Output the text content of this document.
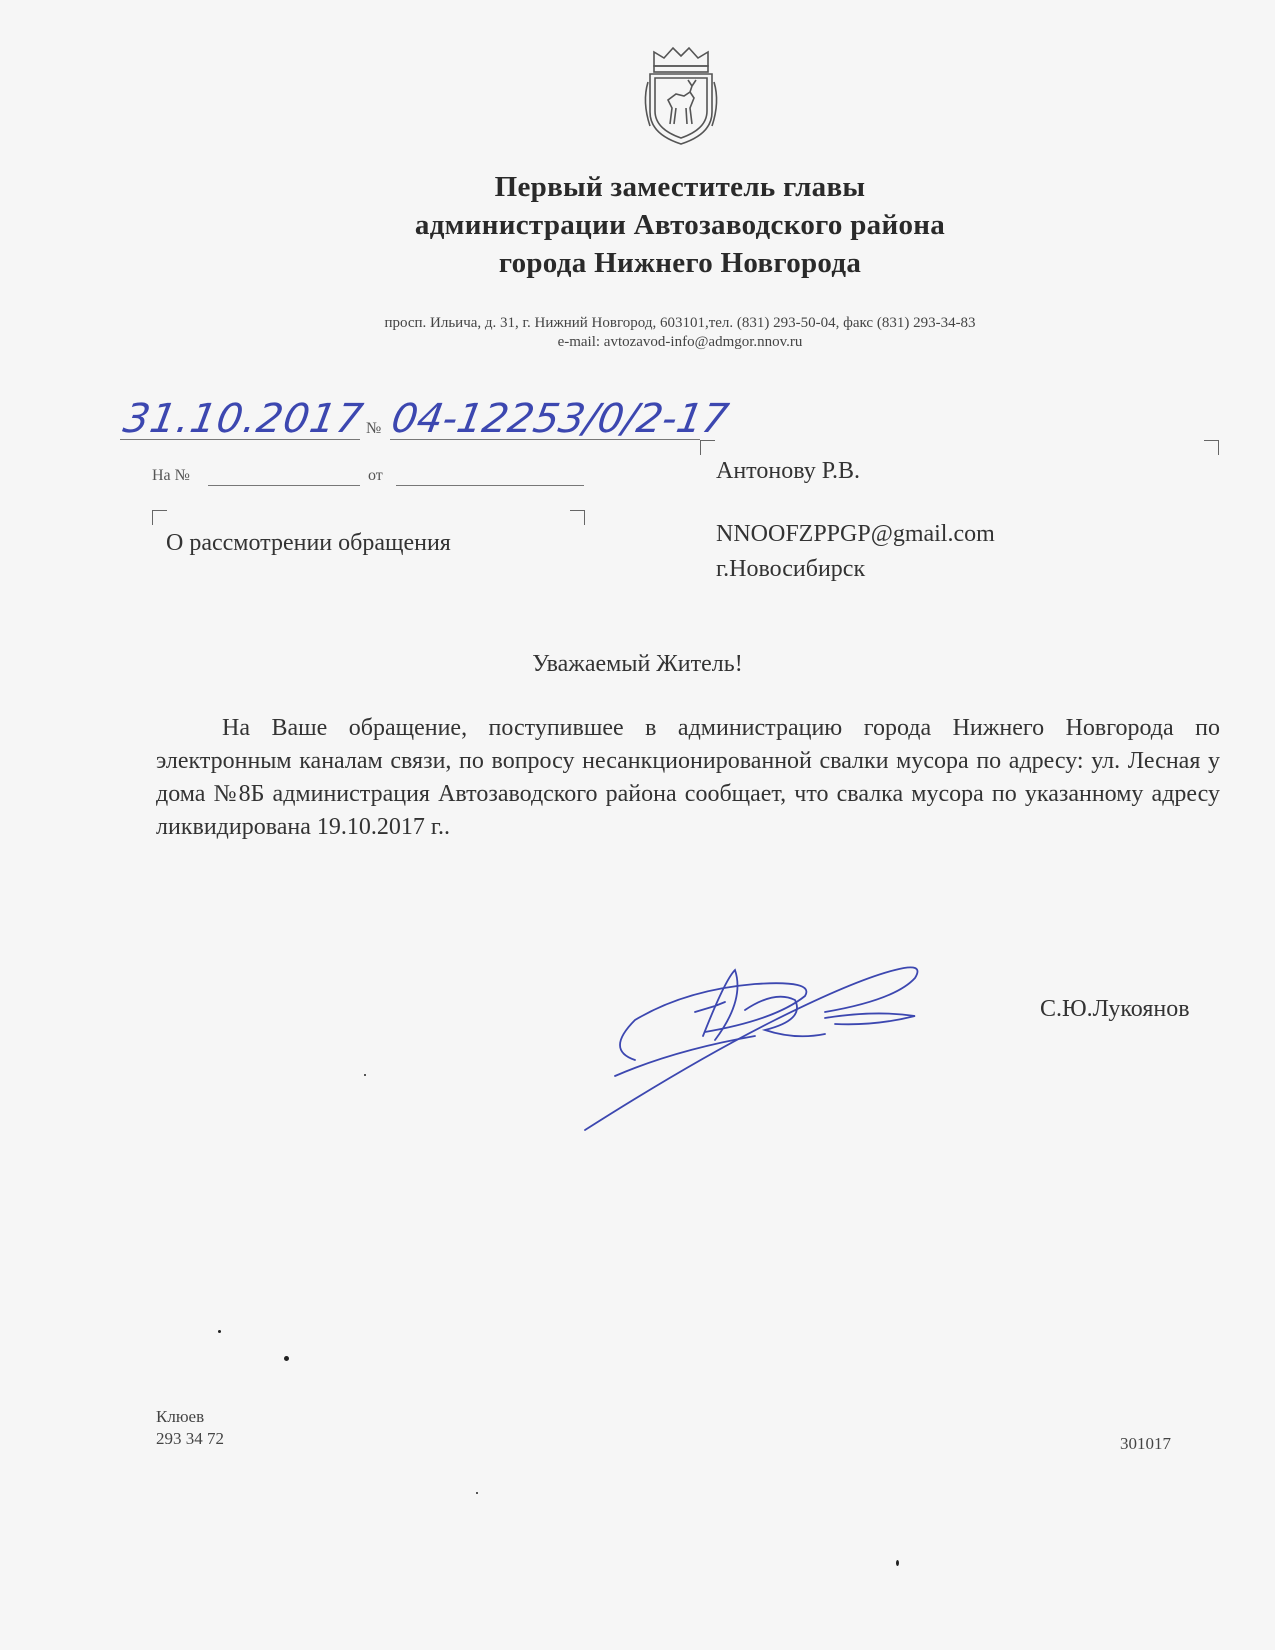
Первый заместитель главы
администрации Автозаводского района
города Нижнего Новгорода
просп. Ильича, д. 31, г. Нижний Новгород, 603101,тел. (831) 293-50-04, факс (831) 293-34-83
e-mail: avtozavod-info@admgor.nnov.ru
31.10.2017
№ 04-12253/0/2-17
На №	от
О рассмотрении обращения
Антонову Р.В.
NNOOFZPPGP@gmail.com
г.Новосибирск
Уважаемый Житель!
На Ваше обращение, поступившее в администрацию города Нижнего Новгорода по электронным каналам связи, по вопросу несанкционированной свалки мусора по адресу: ул. Лесная у дома №8Б администрация Автозаводского района сообщает, что свалка мусора по указанному адресу ликвидирована 19.10.2017 г..
С.Ю.Лукоянов
Клюев
293 34 72	301017
